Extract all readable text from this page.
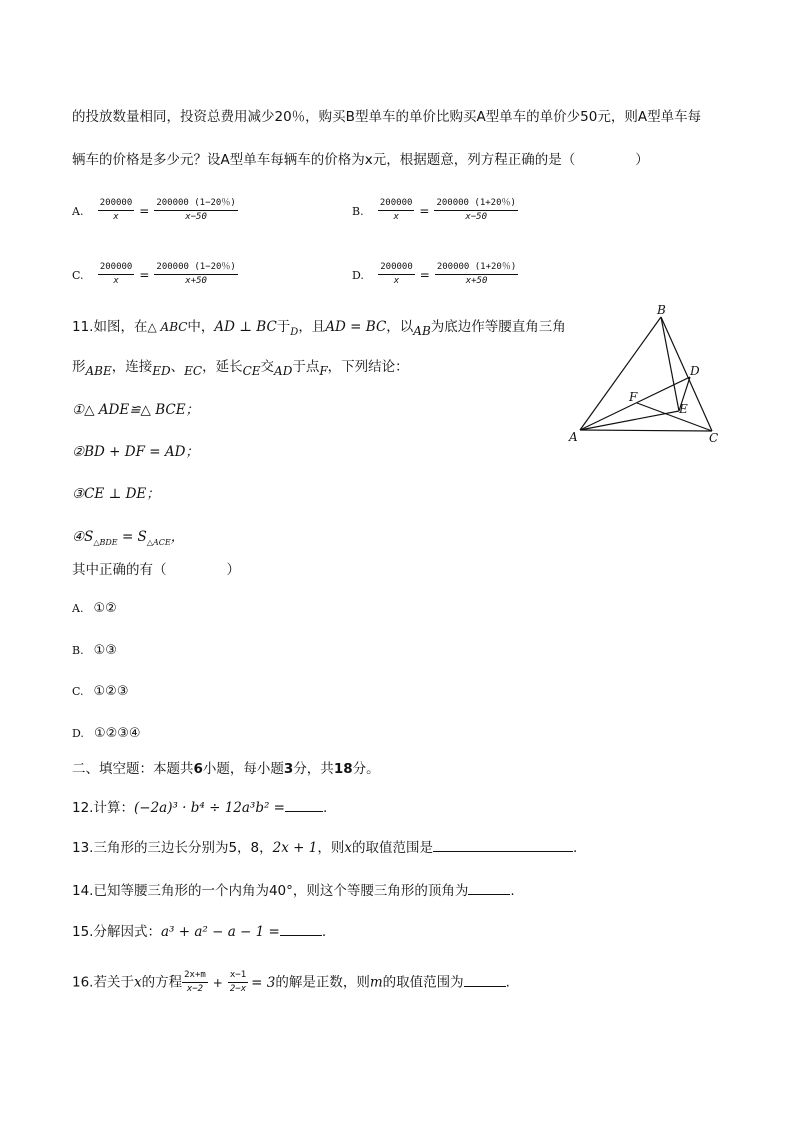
的投放数量相同，投资总费用减少20％，购买B型单车的单价比购买A型单车的单价少50元，则A型单车每
辆车的价格是多少元？设A型单车每辆车的价格为x元，根据题意，列方程正确的是（	）
A. $\frac{200000}{x} = \frac{200000 (1-20\%)}{x-50}$	B. $\frac{200000}{x} = \frac{200000 (1+20\%)}{x-50}$
C. $\frac{200000}{x} = \frac{200000 (1-20\%)}{x+50}$	D. $\frac{200000}{x} = \frac{200000 (1+20\%)}{x+50}$
11.如图，在△ ABC中，AD ⊥ BC于$_D$，且AD = BC，以AB为底边作等腰直角三角
形ABE，连接ED、EC，延长CE交AD于点F，下列结论：
①△ ADE≌△ BCE；
②BD + DF = AD；
③CE ⊥ DE；
$④S_{\triangle BDE} = S_{\triangle ACE}$，
其中正确的有（	）
A. ①②
B. ①③
C. ①②③
D. ①②③④
B
D
F
E
A	C
二、填空题：本题共6小题，每小题3分，共18分。
12.计算：(−2a)³ · b⁴ ÷ 12a³b² =	.
13.三角形的三边长分别为5，8，2x + 1，则x的取值范围是	.
14.已知等腰三角形的一个内角为40°，则这个等腰三角形的顶角为	.
15.分解因式：a³ + a² − a − 1 =	.
16.若关于x的方程 $\frac{2x+m}{x-2} + \frac{x-1}{2-x} = 3$的解是正数，则m的取值范围为	.
